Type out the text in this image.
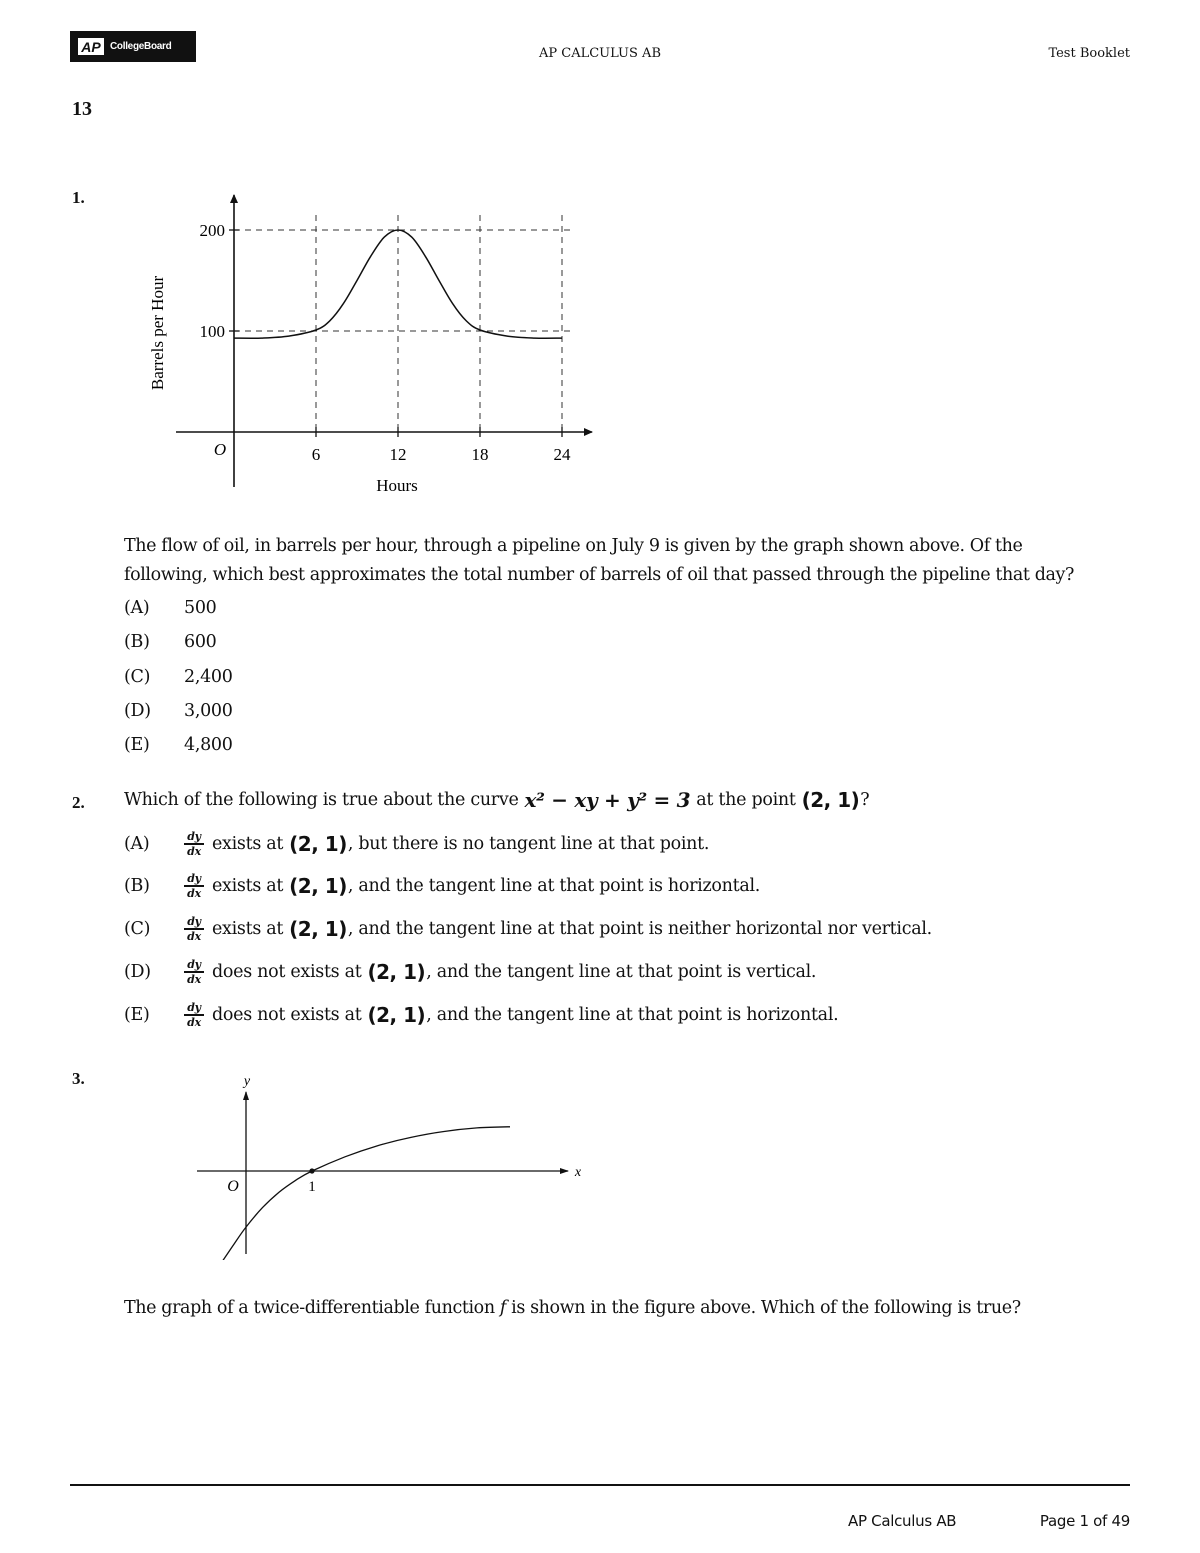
AP CollegeBoard	AP CALCULUS AB	Test Booklet
13
1.
6	12	18	24
100
200
O
Hours
Barrels per Hour
The flow of oil, in barrels per hour, through a pipeline on July 9 is given by the graph shown above. Of the following, which best approximates the total number of barrels of oil that passed through the pipeline that day?
(A)	500
(B)	600
(C)	2,400
(D)	3,000
(E)	4,800
2. Which of the following is true about the curve x² − xy + y² = 3 at the point (2, 1) ?
(A)	$\frac{dy}{dx}$ exists at (2, 1) , but there is no tangent line at that point.
(B)	$\frac{dy}{dx}$ exists at (2, 1) , and the tangent line at that point is horizontal.
(C)	$\frac{dy}{dx}$ exists at (2, 1) , and the tangent line at that point is neither horizontal nor vertical.
(D)	$\frac{dy}{dx}$ does not exists at (2, 1) , and the tangent line at that point is vertical.
(E)	$\frac{dy}{dx}$ does not exists at (2, 1) , and the tangent line at that point is horizontal.
3.
x
y
O	1
The graph of a twice-differentiable function f is shown in the figure above. Which of the following is true?
AP Calculus AB	Page 1 of 49
